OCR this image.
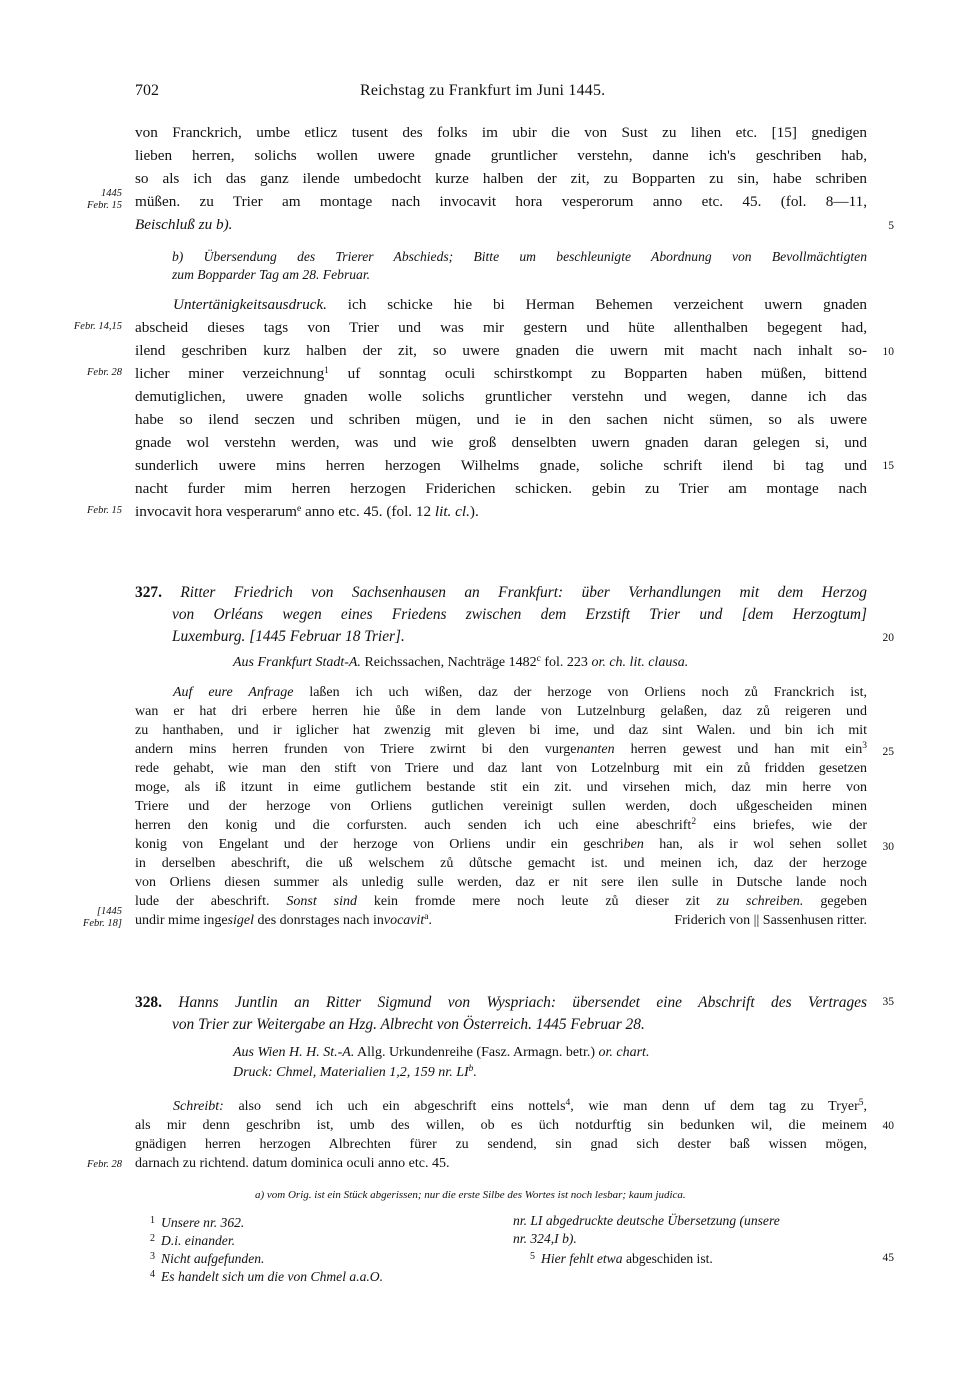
702	Reichstag zu Frankfurt im Juni 1445.
von Franckrich, umbe etlicz tusent des folks im ubir die von Sust zu lihen etc. [15] gnedigen
lieben herren, solichs wollen uwere gnade gruntlicher verstehn, danne ich's geschriben hab,
so als ich das ganz ilende umbedocht kurze halben der zit, zu Bopparten zu sin, habe schriben
müßen. zu Trier am montage nach invocavit hora vesperorum anno etc. 45. (fol. 8—11,
Beischluß zu b).
1445
Febr. 15
5
b) Übersendung des Trierer Abschieds; Bitte um beschleunigte Abordnung von Bevollmächtigten
zum Bopparder Tag am 28. Februar.
Untertänigkeitsausdruck. ich schicke hie bi Herman Behemen verzeichent uwern gnaden
abscheid dieses tags von Trier und was mir gestern und hüte allenthalben begegent had,
ilend geschriben kurz halben der zit, so uwere gnaden die uwern mit macht nach inhalt so-
licher miner verzeichnung$^1$ uf sonntag oculi schirstkompt zu Bopparten haben müßen, bittend
demutiglichen, uwere gnaden wolle solichs gruntlicher verstehn und wegen, danne ich das
habe so ilend seczen und schriben mügen, und ie in den sachen nicht sümen, so als uwere
gnade wol verstehn werden, was und wie groß denselbten uwern gnaden daran gelegen si, und
sunderlich uwere mins herren herzogen Wilhelms gnade, soliche schrift ilend bi tag und
nacht furder mim herren herzogen Friderichen schicken. gebin zu Trier am montage nach
invocavit hora vesperarum$^e$ anno etc. 45. (fol. 12 lit. cl.).
Febr. 14,15
Febr. 28
Febr. 15
10
15
327. Ritter Friedrich von Sachsenhausen an Frankfurt: über Verhandlungen mit dem Herzog
von Orléans wegen eines Friedens zwischen dem Erzstift Trier und [dem Herzogtum]
Luxemburg. [1445 Februar 18 Trier].	20
Aus Frankfurt Stadt-A. Reichssachen, Nachträge 1482$^c$ fol. 223 or. ch. lit. clausa.
Auf eure Anfrage laßen ich uch wißen, daz der herzoge von Orliens noch zů Franckrich ist,
wan er hat dri erbere herren hie ůße in dem lande von Lutzelnburg gelaßen, daz zů reigeren und
zu hanthaben, und ir iglicher hat zwenzig mit gleven bi ime, und daz sint Walen. und bin ich mit
andern mins herren frunden von Triere zwirnt bi den vurgenanten herren gewest und han mit ein$^3$
rede gehabt, wie man den stift von Triere und daz lant von Lotzelnburg mit ein zů fridden gesetzen
moge, als iß itzunt in eime gutlichem bestande stit ein zit. und virsehen mich, daz min herre von
Triere und der herzoge von Orliens gutlichen vereinigt sullen werden, doch ußgescheiden minen
herren den konig und die corfursten. auch senden ich uch eine abeschrift$^2$ eins briefes, wie der
konig von Engelant und der herzoge von Orliens undir ein geschriben han, als ir wol sehen sollet
in derselben abeschrift, die uß welschem zů důtsche gemacht ist. und meinen ich, daz der herzoge
von Orliens diesen summer als unledig sulle werden, daz er nit sere ilen sulle in Dutsche lande noch
lude der abeschrift. Sonst sind kein fromde mere noch leute zů dieser zit zu schreiben. gegeben
undir mime ingesigel des donrstages nach invocavit$^a$.	Friderich von || Sassenhusen ritter.
[1445
Febr. 18]
25
30
328. Hanns Juntlin an Ritter Sigmund von Wyspriach: übersendet eine Abschrift des Vertrages
von Trier zur Weitergabe an Hzg. Albrecht von Österreich. 1445 Februar 28.
35
Aus Wien H. H. St.-A. Allg. Urkundenreihe (Fasz. Armagn. betr.) or. chart.
Druck: Chmel, Materialien 1,2, 159 nr. $LI^b$.
Schreibt: also send ich uch ein abgeschrift eins nottels$^4$, wie man denn uf dem tag zu Tryer$^5$,
als mir denn geschribn ist, umb des willen, ob es üch notdurftig sin bedunken wil, die meinem
gnädigen herren herzogen Albrechten fürer zu sendend, sin gnad sich dester baß wissen mögen,
darnach zu richtend. datum dominica oculi anno etc. 45.
Febr. 28
40
a) vom Orig. ist ein Stück abgerissen; nur die erste Silbe des Wortes ist noch lesbar; kaum judica.
$^1$ Unsere nr. 362.
$^2$ D.i. einander.
$^3$ Nicht aufgefunden.
$^4$ Es handelt sich um die von Chmel a.a.O.
nr. LI abgedruckte deutsche Übersetzung (unsere
nr. 324,I b).
$^5$ Hier fehlt etwa abgeschiden ist.	45
